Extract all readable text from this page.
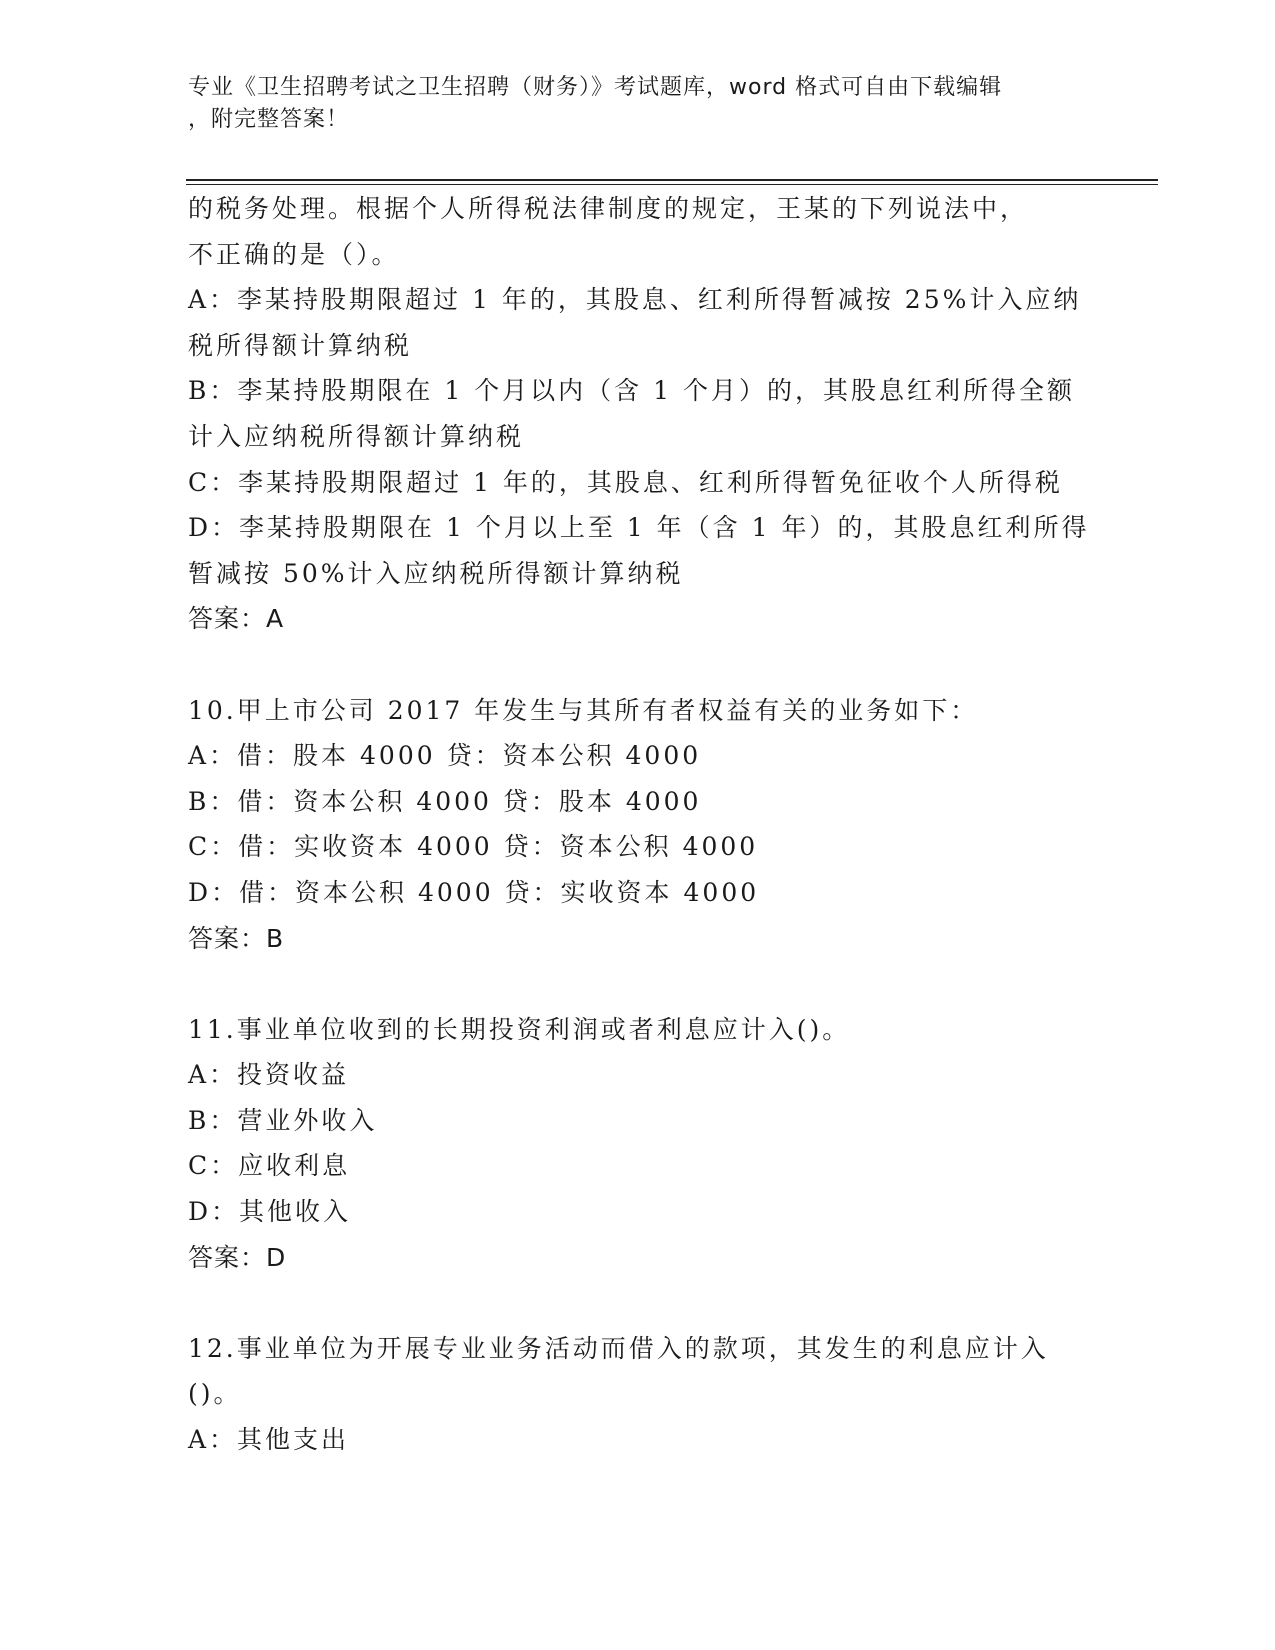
专业《卫生招聘考试之卫生招聘（财务）》考试题库，word 格式可自由下载编辑
，附完整答案！
的税务处理。根据个人所得税法律制度的规定，王某的下列说法中，
不正确的是（）。
A：李某持股期限超过 1 年的，其股息、红利所得暂减按 25%计入应纳
税所得额计算纳税
B：李某持股期限在 1 个月以内（含 1 个月）的，其股息红利所得全额
计入应纳税所得额计算纳税
C：李某持股期限超过 1 年的，其股息、红利所得暂免征收个人所得税
D：李某持股期限在 1 个月以上至 1 年（含 1 年）的，其股息红利所得
暂减按 50%计入应纳税所得额计算纳税
答案：A
10.甲上市公司 2017 年发生与其所有者权益有关的业务如下：
A：借：股本 4000 贷：资本公积 4000
B：借：资本公积 4000 贷：股本 4000
C：借：实收资本 4000 贷：资本公积 4000
D：借：资本公积 4000 贷：实收资本 4000
答案：B
11.事业单位收到的长期投资利润或者利息应计入()。
A：投资收益
B：营业外收入
C：应收利息
D：其他收入
答案：D
12.事业单位为开展专业业务活动而借入的款项，其发生的利息应计入
()。
A：其他支出
